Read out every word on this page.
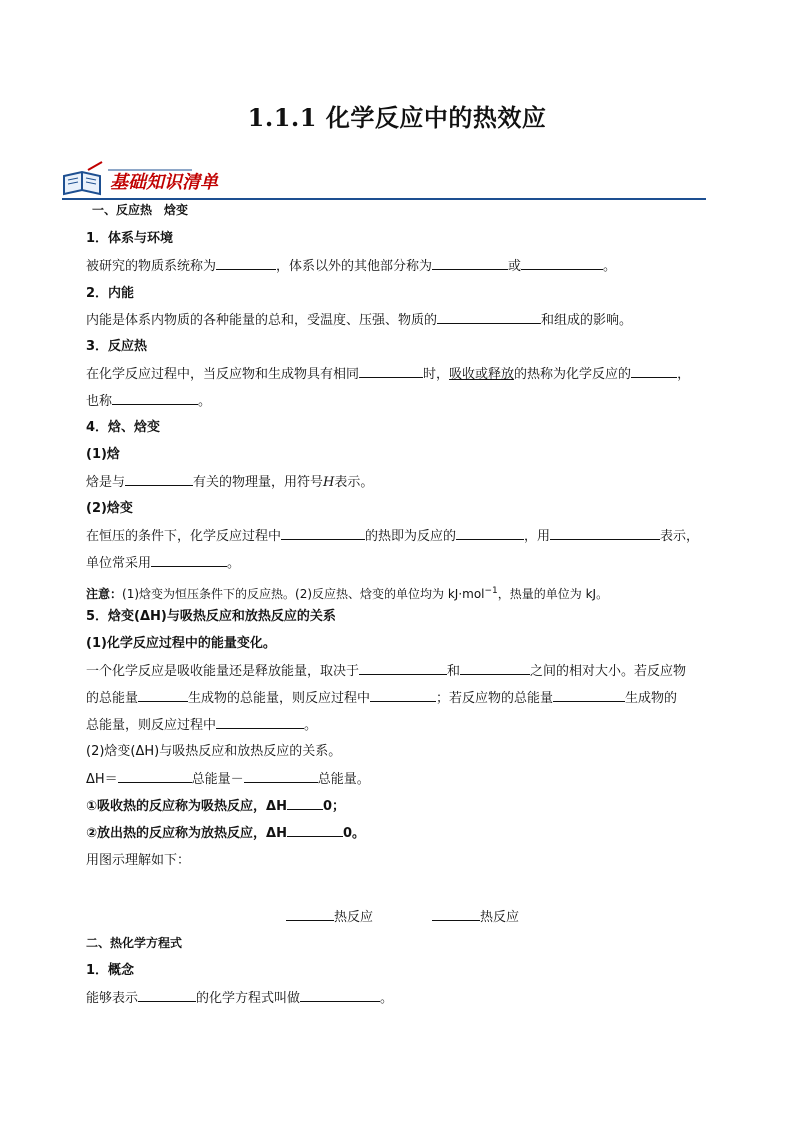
1.1.1 化学反应中的热效应
基础知识清单
一、反应热　焓变
1．体系与环境
被研究的物质系统称为	，体系以外的其他部分称为	或	。
2．内能
内能是体系内物质的各种能量的总和，受温度、压强、物质的	和组成的影响。
3．反应热
在化学反应过程中，当反应物和生成物具有相同	时，吸收或释放的热称为化学反应的	，
也称	。
4．焓、焓变
(1)焓
焓是与	有关的物理量，用符号H表示。
(2)焓变
在恒压的条件下，化学反应过程中	的热即为反应的	，用	表示，
单位常采用	。
注意：(1)焓变为恒压条件下的反应热。(2)反应热、焓变的单位均为 kJ·mol$^{-1}$，热量的单位为 kJ。
5．焓变(ΔH)与吸热反应和放热反应的关系
(1)化学反应过程中的能量变化。
一个化学反应是吸收能量还是释放能量，取决于	和	之间的相对大小。若反应物
的总能量	生成物的总能量，则反应过程中	；若反应物的总能量	生成物的
总能量，则反应过程中	。
(2)焓变(ΔH)与吸热反应和放热反应的关系。
ΔH＝	总能量－	总能量。
①吸收热的反应称为吸热反应，ΔH	0；
②放出热的反应称为放热反应，ΔH	0。
用图示理解如下：
热反应	热反应
二、热化学方程式
1．概念
能够表示	的化学方程式叫做	。
